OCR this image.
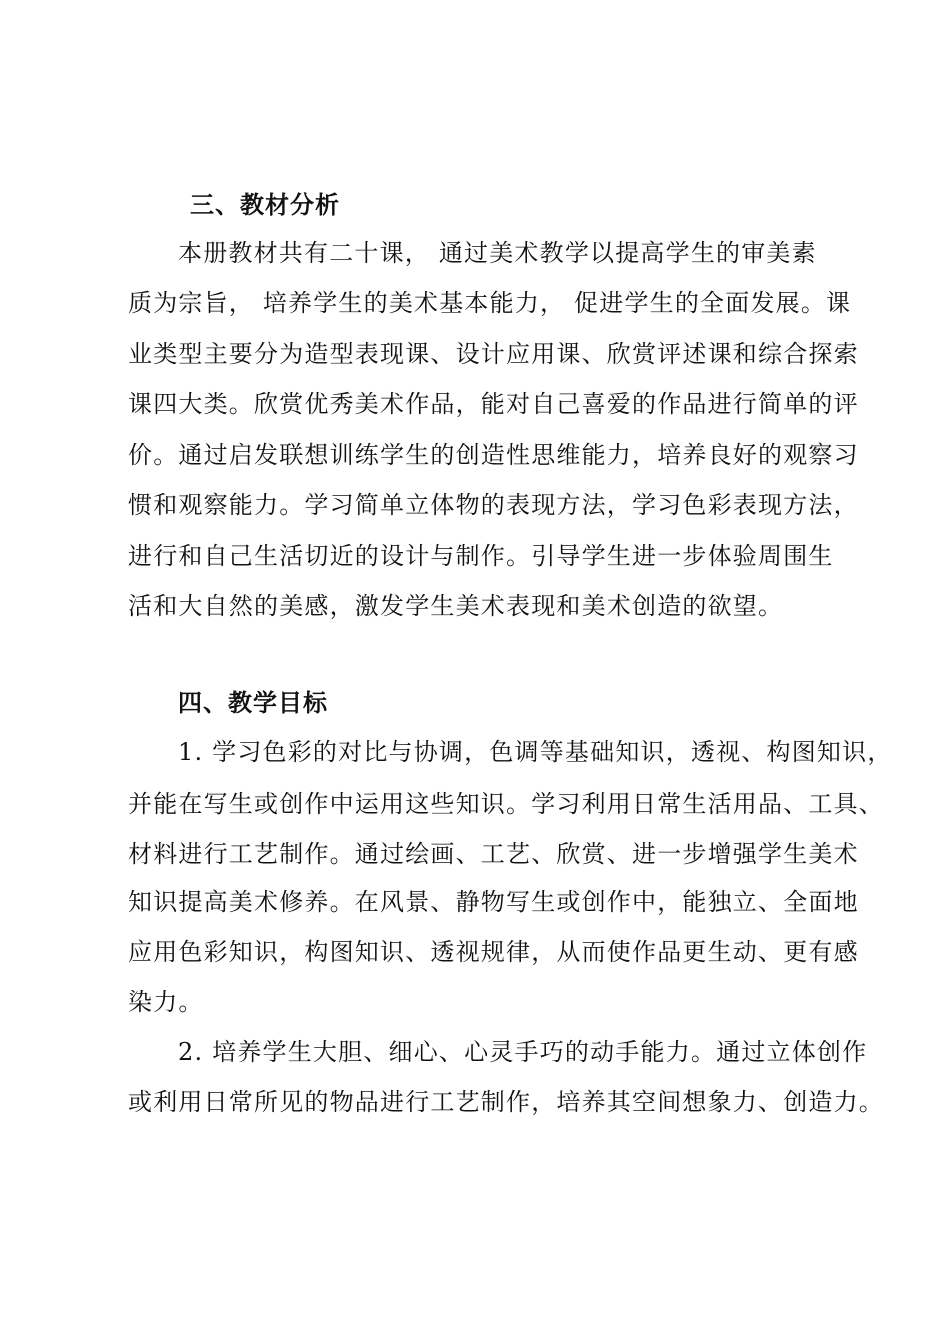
三、教材分析
本册教材共有二十课， 通过美术教学以提高学生的审美素
质为宗旨， 培养学生的美术基本能力， 促进学生的全面发展。课
业类型主要分为造型表现课、设计应用课、欣赏评述课和综合探索
课四大类。欣赏优秀美术作品，能对自己喜爱的作品进行简单的评
价。通过启发联想训练学生的创造性思维能力，培养良好的观察习
惯和观察能力。学习简单立体物的表现方法，学习色彩表现方法，
进行和自己生活切近的设计与制作。引导学生进一步体验周围生
活和大自然的美感，激发学生美术表现和美术创造的欲望。
四、教学目标
1. 学习色彩的对比与协调，色调等基础知识，透视、构图知识，
并能在写生或创作中运用这些知识。学习利用日常生活用品、工具、
材料进行工艺制作。通过绘画、工艺、欣赏、进一步增强学生美术
知识提高美术修养。在风景、静物写生或创作中，能独立、全面地
应用色彩知识，构图知识、透视规律，从而使作品更生动、更有感
染力。
2. 培养学生大胆、细心、心灵手巧的动手能力。通过立体创作
或利用日常所见的物品进行工艺制作，培养其空间想象力、创造力。
